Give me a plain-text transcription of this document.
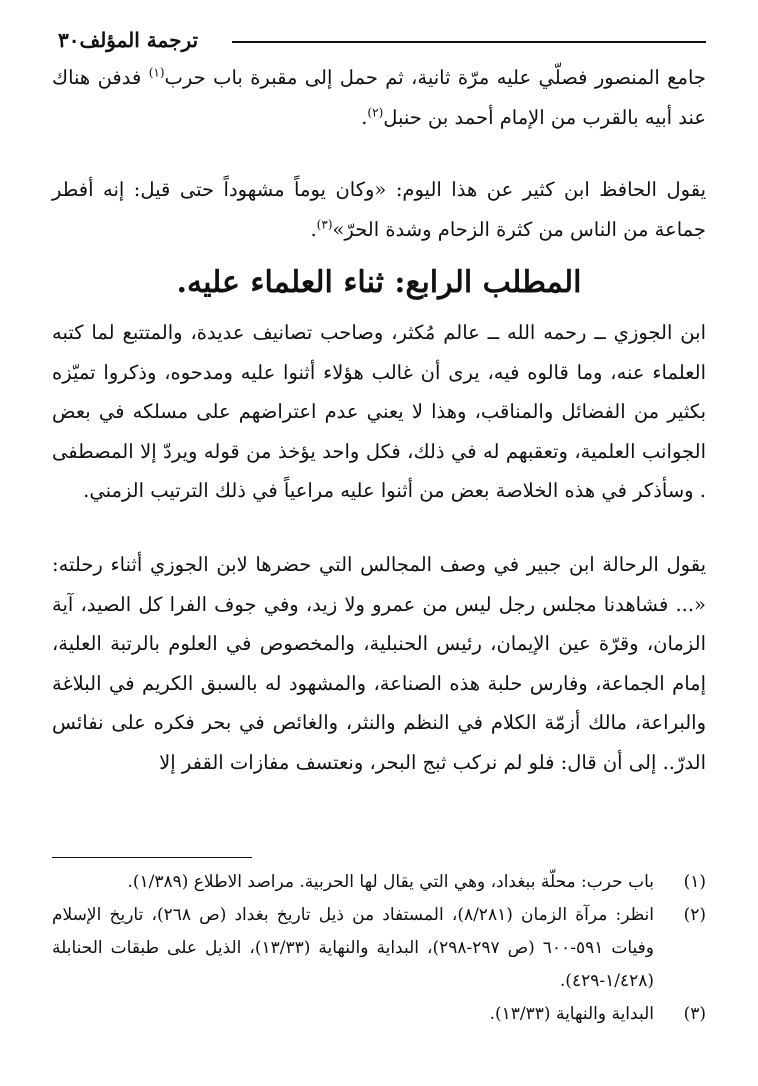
ترجمة المؤلف٣٠
جامع المنصور فصلّي عليه مرّة ثانية، ثم حمل إلى مقبرة باب حرب$^{(١)}$ فدفن هناك عند أبيه بالقرب من الإمام أحمد بن حنبل$^{(٢)}$.
يقول الحافظ ابن كثير عن هذا اليوم: «وكان يوماً مشهوداً حتى قيل: إنه أفطر جماعة من الناس من كثرة الزحام وشدة الحرّ»$^{(٣)}$.
المطلب الرابع: ثناء العلماء عليه.
ابن الجوزي ــ رحمه الله ــ عالم مُكثر، وصاحب تصانيف عديدة، والمتتبع لما كتبه العلماء عنه، وما قالوه فيه، يرى أن غالب هؤلاء أثنوا عليه ومدحوه، وذكروا تميّزه بكثير من الفضائل والمناقب، وهذا لا يعني عدم اعتراضهم على مسلكه في بعض الجوانب العلمية، وتعقبهم له في ذلك، فكل واحد يؤخذ من قوله ويردّ إلا المصطفى . وسأذكر في هذه الخلاصة بعض من أثنوا عليه مراعياً في ذلك الترتيب الزمني.
يقول الرحالة ابن جبير في وصف المجالس التي حضرها لابن الجوزي أثناء رحلته: «... فشاهدنا مجلس رجل ليس من عمرو ولا زيد، وفي جوف الفرا كل الصيد، آية الزمان، وقرّة عين الإيمان، رئيس الحنبلية، والمخصوص في العلوم بالرتبة العلية، إمام الجماعة، وفارس حلبة هذه الصناعة، والمشهود له بالسبق الكريم في البلاغة والبراعة، مالك أزمّة الكلام في النظم والنثر، والغائص في بحر فكره على نفائس الدرّ.. إلى أن قال: فلو لم نركب ثبج البحر، ونعتسف مفازات القفر إلا
(١)
باب حرب: محلّة ببغداد، وهي التي يقال لها الحربية. مراصد الاطلاع (١/٣٨٩).
(٢)
انظر: مرآة الزمان (٨/٢٨١)، المستفاد من ذيل تاريخ بغداد (ص ٢٦٨)، تاريخ الإسلام وفيات ٥٩١-٦٠٠ (ص ٢٩٧-٢٩٨)، البداية والنهاية (١٣/٣٣)، الذيل على طبقات الحنابلة (١/٤٢٨-٤٢٩).
(٣)
البداية والنهاية (١٣/٣٣).
